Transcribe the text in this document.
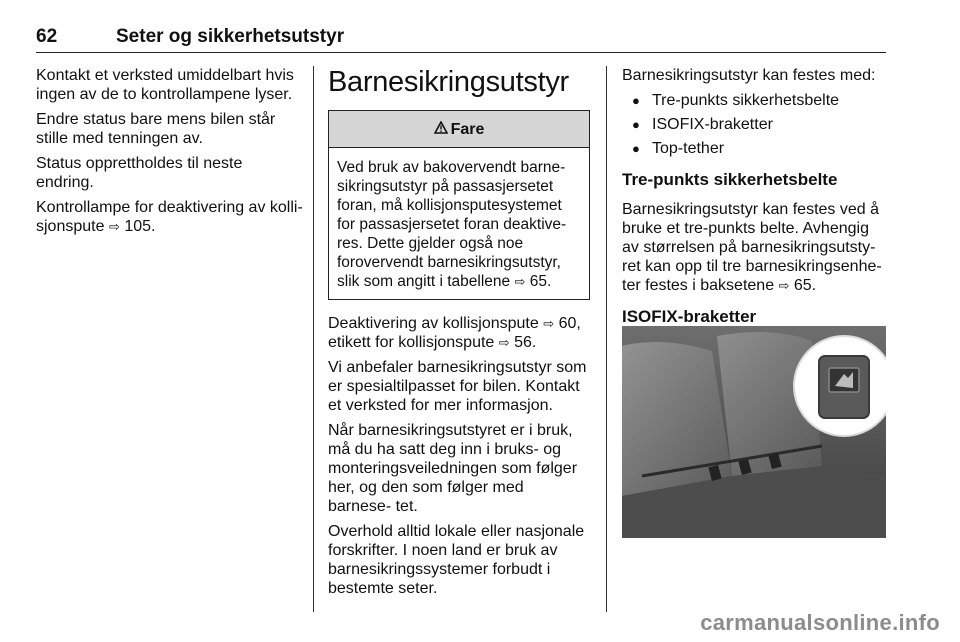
62	Seter og sikkerhetsutstyr

Kontakt et verksted umiddelbart hvis ingen av de to kontrollampene lyser.

Endre status bare mens bilen står stille med tenningen av.

Status opprettholdes til neste endring.

Kontrollampe for deaktivering av kolli- sjonspute ⇨ 105.

Barnesikringsutstyr
Fare
Ved bruk av bakovervendt barne- sikringsutstyr på passasjersetet foran, må kollisjonsputesystemet for passasjersetet foran deaktive- res. Dette gjelder også noe forovervendt barnesikringsutstyr, slik som angitt i tabellene ⇨ 65.

Deaktivering av kollisjonspute ⇨ 60, etikett for kollisjonspute ⇨ 56.

Vi anbefaler barnesikringsutstyr som er spesialtilpasset for bilen. Kontakt et verksted for mer informasjon.

Når barnesikringsutstyret er i bruk, må du ha satt deg inn i bruks- og monteringsveiledningen som følger her, og den som følger med barnese- tet.

Overhold alltid lokale eller nasjonale forskrifter. I noen land er bruk av barnesikringssystemer forbudt i bestemte seter.

Barnesikringsutstyr kan festes med:

● Tre-punkts sikkerhetsbelte
● ISOFIX-braketter
● Top-tether
Tre-punkts sikkerhetsbelte

Barnesikringsutstyr kan festes ved å bruke et tre-punkts belte. Avhengig av størrelsen på barnesikringsutsty- ret kan opp til tre barnesikringsenhe- ter festes i baksetene ⇨ 65.

ISOFIX-braketter
carmanualsonline.info
